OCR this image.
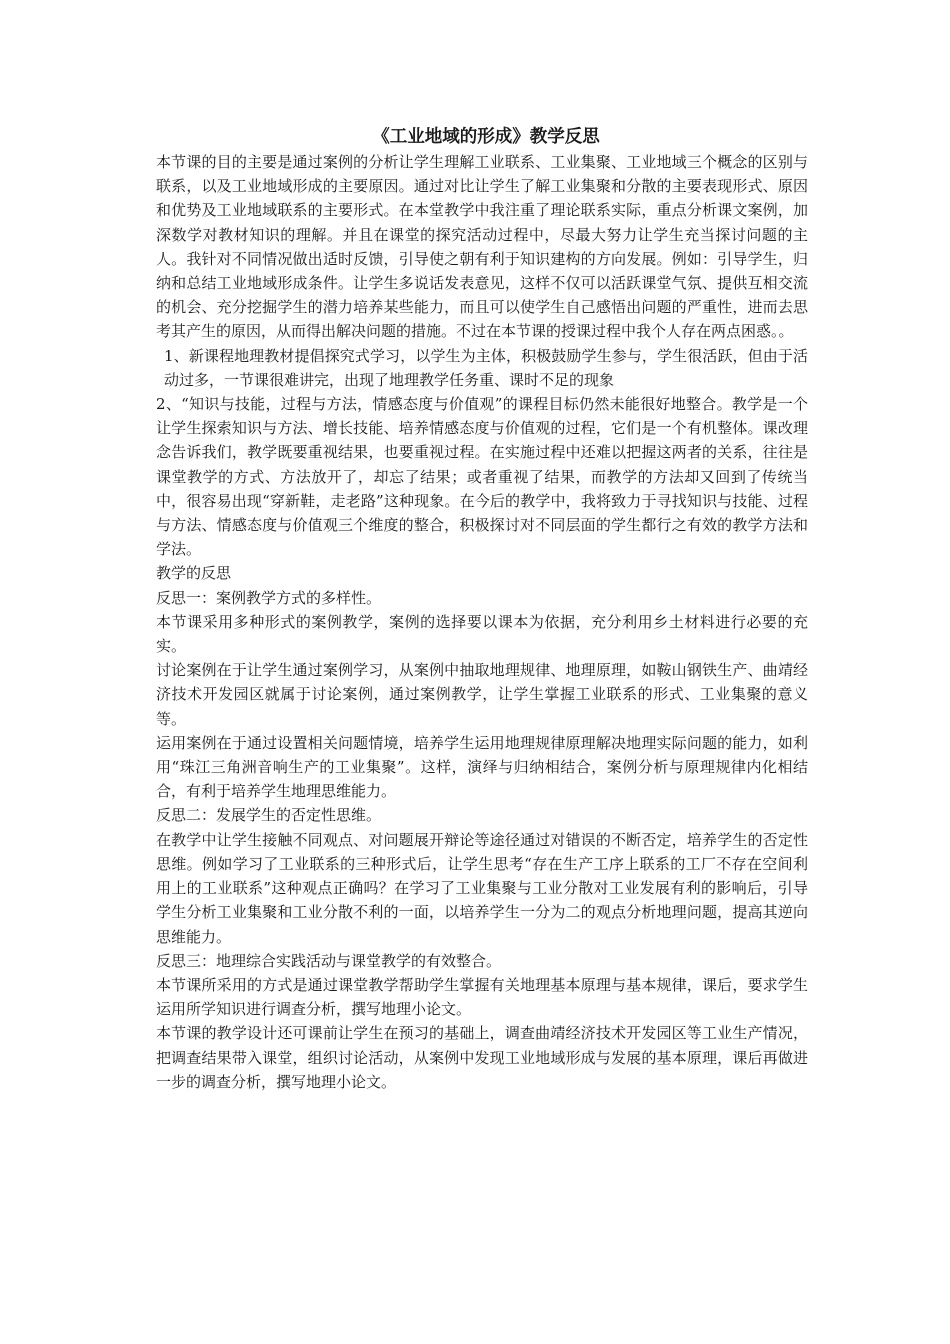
《工业地域的形成》教学反思

本节课的目的主要是通过案例的分析让学生理解工业联系、工业集聚、工业地域三个概念的区别与联系，以及工业地域形成的主要原因。通过对比让学生了解工业集聚和分散的主要表现形式、原因和优势及工业地域联系的主要形式。在本堂教学中我注重了理论联系实际，重点分析课文案例，加深数学对教材知识的理解。并且在课堂的探究活动过程中，尽最大努力让学生充当探讨问题的主人。我针对不同情况做出适时反馈，引导使之朝有利于知识建构的方向发展。例如：引导学生，归纳和总结工业地域形成条件。让学生多说话发表意见，这样不仅可以活跃课堂气氛、提供互相交流的机会、充分挖掘学生的潜力培养某些能力，而且可以使学生自己感悟出问题的严重性，进而去思考其产生的原因，从而得出解决问题的措施。不过在本节课的授课过程中我个人存在两点困惑。。

1、新课程地理教材提倡探究式学习，以学生为主体，积极鼓励学生参与，学生很活跃，但由于活动过多，一节课很难讲完，出现了地理教学任务重、课时不足的现象

2、“知识与技能，过程与方法，情感态度与价值观”的课程目标仍然未能很好地整合。教学是一个让学生探索知识与方法、增长技能、培养情感态度与价值观的过程，它们是一个有机整体。课改理念告诉我们，教学既要重视结果，也要重视过程。在实施过程中还难以把握这两者的关系，往往是课堂教学的方式、方法放开了，却忘了结果；或者重视了结果，而教学的方法却又回到了传统当中，很容易出现“穿新鞋，走老路”这种现象。在今后的教学中，我将致力于寻找知识与技能、过程与方法、情感态度与价值观三个维度的整合，积极探讨对不同层面的学生都行之有效的教学方法和学法。

教学的反思

反思一：案例教学方式的多样性。

本节课采用多种形式的案例教学，案例的选择要以课本为依据，充分利用乡土材料进行必要的充实。

讨论案例在于让学生通过案例学习，从案例中抽取地理规律、地理原理，如鞍山钢铁生产、曲靖经济技术开发园区就属于讨论案例，通过案例教学，让学生掌握工业联系的形式、工业集聚的意义等。

运用案例在于通过设置相关问题情境，培养学生运用地理规律原理解决地理实际问题的能力，如利用“珠江三角洲音响生产的工业集聚”。这样，演绎与归纳相结合，案例分析与原理规律内化相结合，有利于培养学生地理思维能力。

反思二：发展学生的否定性思维。

在教学中让学生接触不同观点、对问题展开辩论等途径通过对错误的不断否定，培养学生的否定性思维。例如学习了工业联系的三种形式后，让学生思考“存在生产工序上联系的工厂不存在空间利用上的工业联系”这种观点正确吗？在学习了工业集聚与工业分散对工业发展有利的影响后，引导学生分析工业集聚和工业分散不利的一面，以培养学生一分为二的观点分析地理问题，提高其逆向思维能力。

反思三：地理综合实践活动与课堂教学的有效整合。

本节课所采用的方式是通过课堂教学帮助学生掌握有关地理基本原理与基本规律，课后，要求学生运用所学知识进行调查分析，撰写地理小论文。

本节课的教学设计还可课前让学生在预习的基础上，调查曲靖经济技术开发园区等工业生产情况，把调查结果带入课堂，组织讨论活动，从案例中发现工业地域形成与发展的基本原理，课后再做进一步的调查分析，撰写地理小论文。
